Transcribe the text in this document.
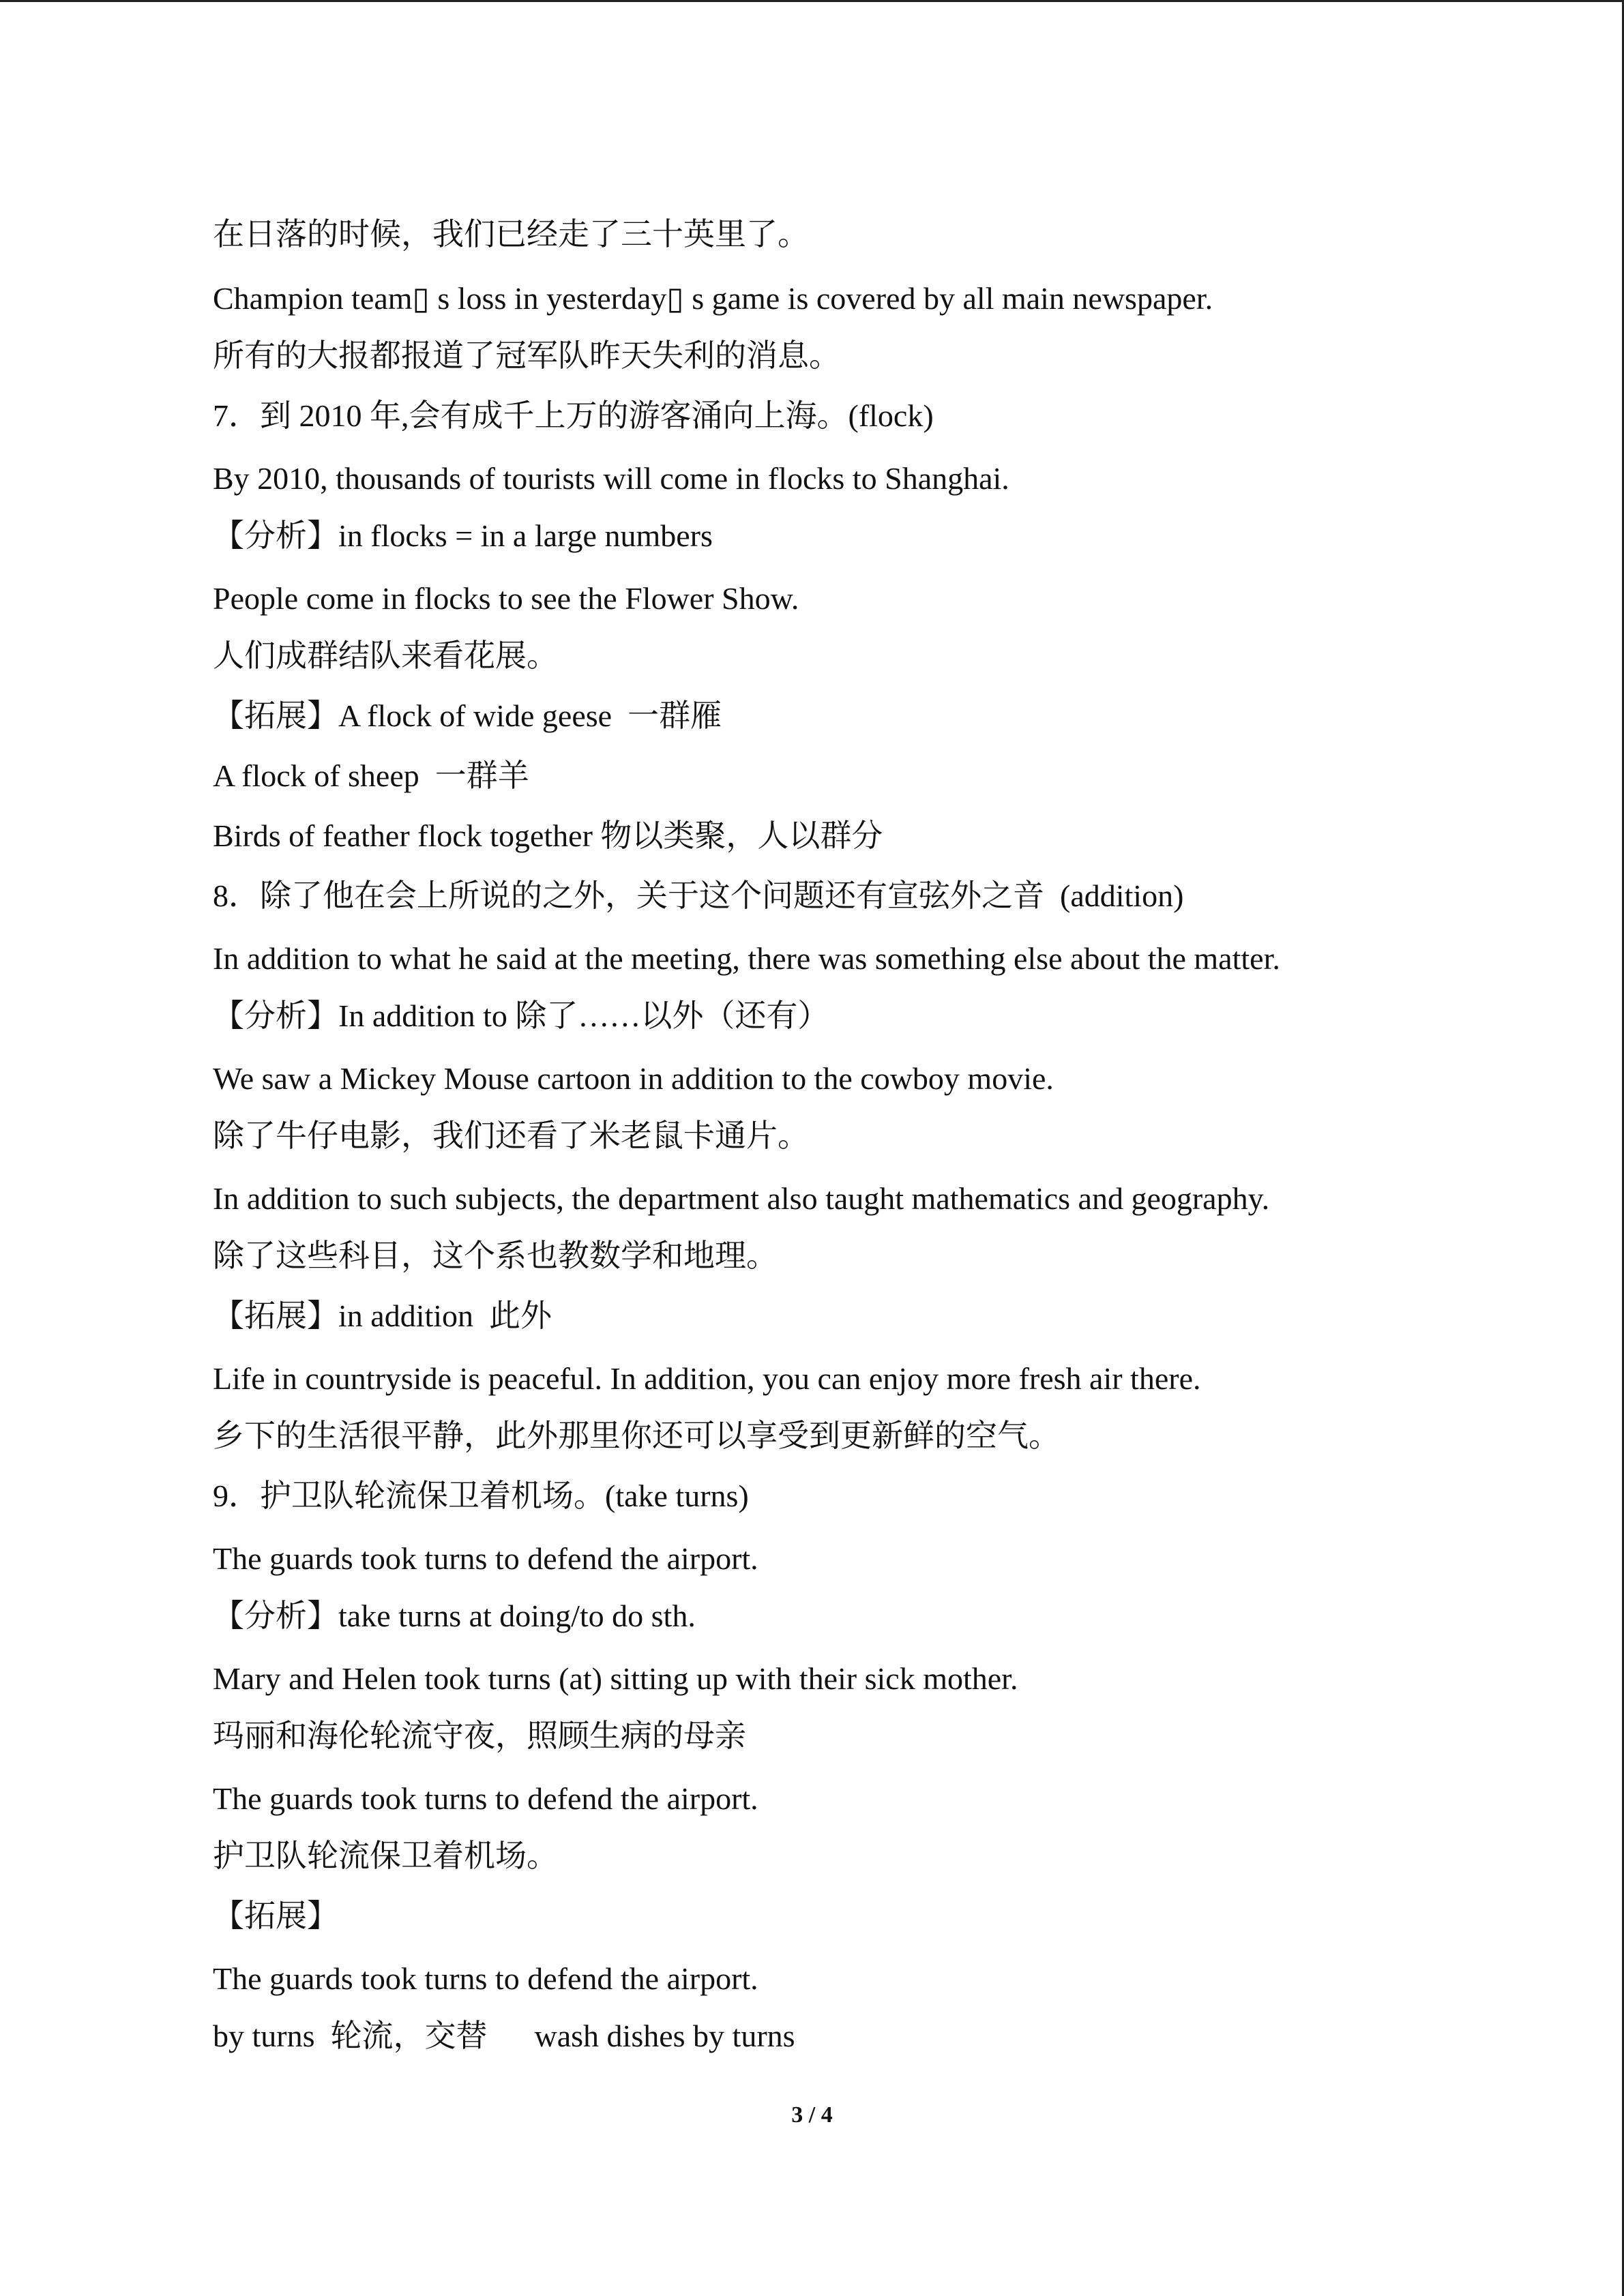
在日落的时候，我们已经走了三十英里了。
Champion team▯ s loss in yesterday▯ s game is covered by all main newspaper.
所有的大报都报道了冠军队昨天失利的消息。
7．到 2010 年,会有成千上万的游客涌向上海。(flock)
By 2010, thousands of tourists will come in flocks to Shanghai.
【分析】in flocks = in a large numbers
People come in flocks to see the Flower Show.
人们成群结队来看花展。
【拓展】A flock of wide geese  一群雁
A flock of sheep  一群羊
Birds of feather flock together 物以类聚，人以群分
8．除了他在会上所说的之外，关于这个问题还有宣弦外之音  (addition)
In addition to what he said at the meeting, there was something else about the matter.
【分析】In addition to 除了……以外（还有）
We saw a Mickey Mouse cartoon in addition to the cowboy movie.
除了牛仔电影，我们还看了米老鼠卡通片。
In addition to such subjects, the department also taught mathematics and geography.
除了这些科目，这个系也教数学和地理。
【拓展】in addition  此外
Life in countryside is peaceful. In addition, you can enjoy more fresh air there.
乡下的生活很平静，此外那里你还可以享受到更新鲜的空气。
9．护卫队轮流保卫着机场。(take turns)
The guards took turns to defend the airport.
【分析】take turns at doing/to do sth.
Mary and Helen took turns (at) sitting up with their sick mother.
玛丽和海伦轮流守夜，照顾生病的母亲
The guards took turns to defend the airport.
护卫队轮流保卫着机场。
【拓展】
The guards took turns to defend the airport.
by turns  轮流，交替      wash dishes by turns
3 / 4
